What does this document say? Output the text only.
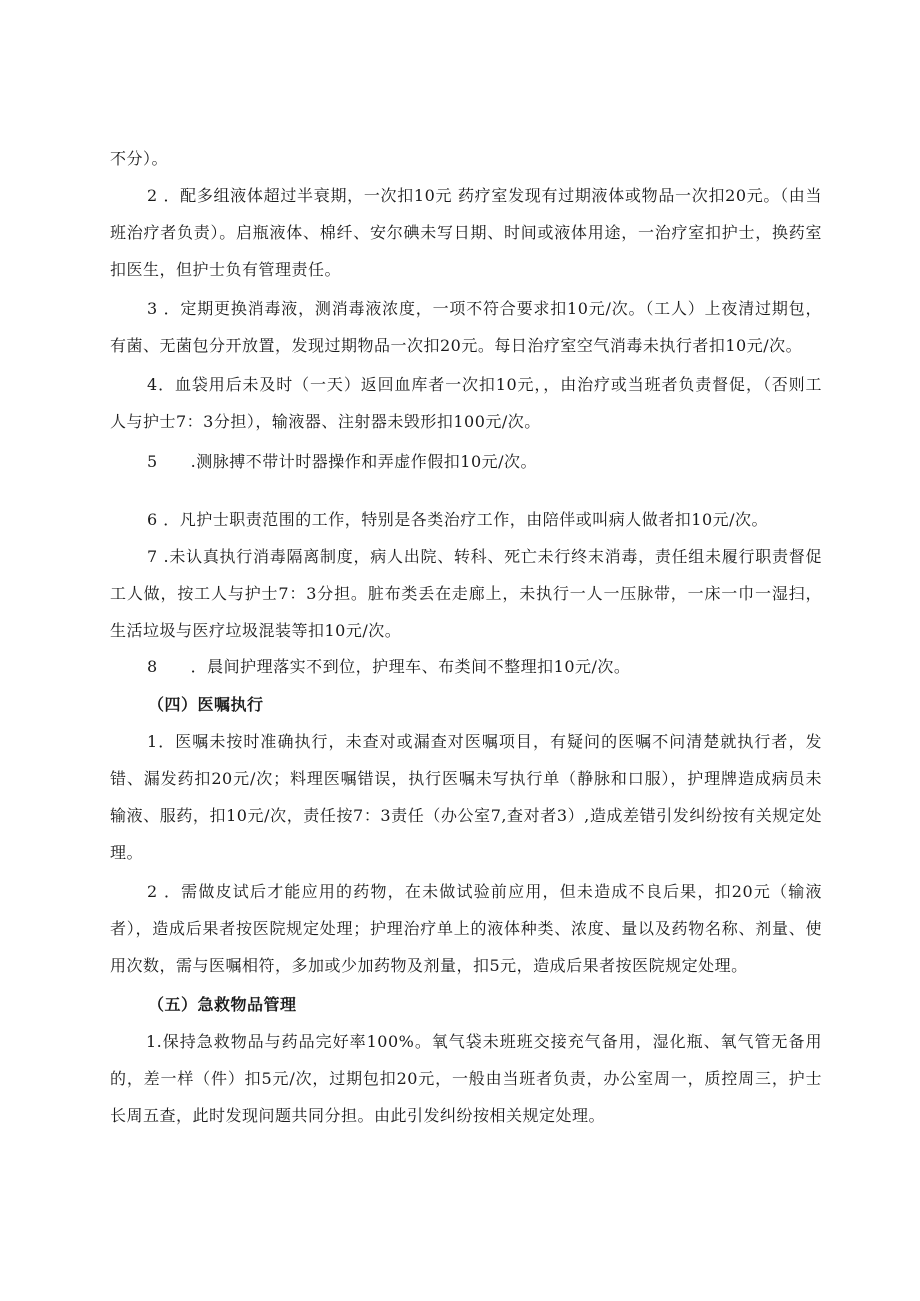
不分）。

2 ．配多组液体超过半衰期，一次扣10元 药疗室发现有过期液体或物品一次扣20元。（由当班治疗者负责）。启瓶液体、棉纤、安尔碘未写日期、时间或液体用途，一治疗室扣护士，换药室扣医生，但护士负有管理责任。

3 ．定期更换消毒液，测消毒液浓度，一项不符合要求扣10元/次。（工人）上夜清过期包，有菌、无菌包分开放置，发现过期物品一次扣20元。每日治疗室空气消毒未执行者扣10元/次。

4．血袋用后未及时（一天）返回血库者一次扣10元，，由治疗或当班者负责督促，（否则工人与护士7：3分担），输液器、注射器未毁形扣100元/次。

5　　.测脉搏不带计时器操作和弄虚作假扣10元/次。

6 ．凡护士职责范围的工作，特别是各类治疗工作，由陪伴或叫病人做者扣10元/次。

7 .未认真执行消毒隔离制度，病人出院、转科、死亡未行终末消毒，责任组未履行职责督促工人做，按工人与护士7：3分担。脏布类丢在走廊上，未执行一人一压脉带，一床一巾一湿扫，生活垃圾与医疗垃圾混装等扣10元/次。

8　　．晨间护理落实不到位，护理车、布类间不整理扣10元/次。

（四）医嘱执行

1．医嘱未按时准确执行，未查对或漏查对医嘱项目，有疑问的医嘱不问清楚就执行者，发错、漏发药扣20元/次；料理医嘱错误，执行医嘱未写执行单（静脉和口服），护理牌造成病员未输液、服药，扣10元/次，责任按7：3责任（办公室7,查对者3）,造成差错引发纠纷按有关规定处理。

2 ．需做皮试后才能应用的药物，在未做试验前应用，但未造成不良后果，扣20元（输液者），造成后果者按医院规定处理；护理治疗单上的液体种类、浓度、量以及药物名称、剂量、使用次数，需与医嘱相符，多加或少加药物及剂量，扣5元，造成后果者按医院规定处理。

（五）急救物品管理

1.保持急救物品与药品完好率100%。氧气袋未班班交接充气备用，湿化瓶、氧气管无备用的，差一样（件）扣5元/次，过期包扣20元，一般由当班者负责，办公室周一，质控周三，护士长周五查，此时发现问题共同分担。由此引发纠纷按相关规定处理。
